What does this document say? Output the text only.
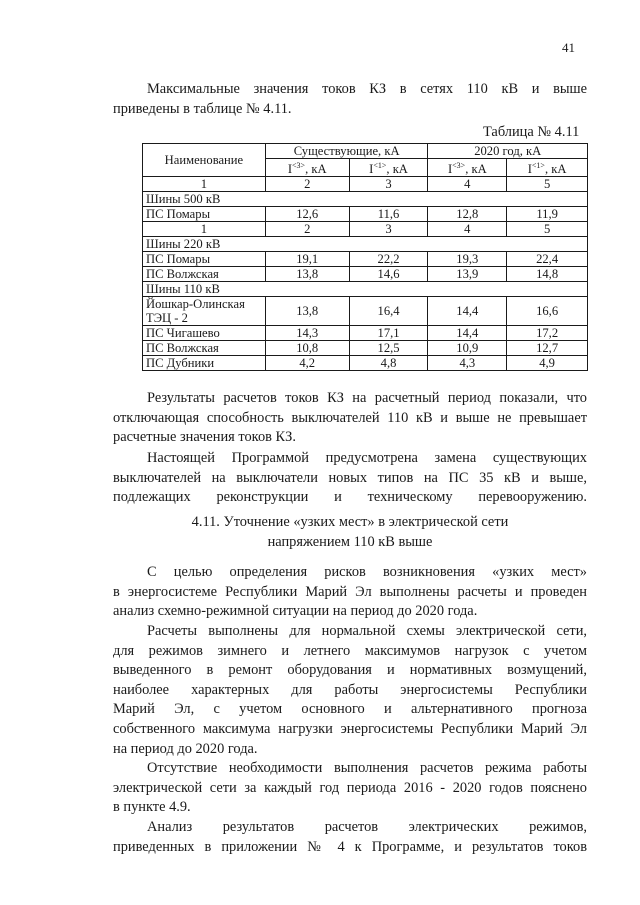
41

Максимальные значения токов КЗ в сетях 110 кВ и выше
приведены в таблице № 4.11.

Таблица № 4.11
Наименование	Существующие, кА		2020 год, кА	
	$I^{<3>}$, кА	$I^{<1>}$, кА	$I^{<3>}$, кА	$I^{<1>}$, кА
1	2	3	4	5
Шины 500 кВ				
ПС Помары	12,6	11,6	12,8	11,9
1	2	3	4	5
Шины 220 кВ				
ПС Помары	19,1	22,2	19,3	22,4
ПС Волжская	13,8	14,6	13,9	14,8
Шины 110 кВ				
Йошкар-Олинская ТЭЦ - 2	13,8	16,4	14,4	16,6
ПС Чигашево	14,3	17,1	14,4	17,2
ПС Волжская	10,8	12,5	10,9	12,7
ПС Дубники	4,2	4,8	4,3	4,9

Результаты расчетов токов КЗ на расчетный период показали, что
отключающая способность выключателей 110 кВ и выше не превышает
расчетные значения токов КЗ.

Настоящей Программой предусмотрена замена существующих
выключателей на выключатели новых типов на ПС 35 кВ и выше,
подлежащих реконструкции и техническому перевооружению.

4.11. Уточнение «узких мест» в электрической сети
напряжением 110 кВ выше

С целью определения рисков возникновения «узких мест»
в энергосистеме Республики Марий Эл выполнены расчеты и проведен
анализ схемно-режимной ситуации на период до 2020 года.

Расчеты выполнены для нормальной схемы электрической сети,
для режимов зимнего и летнего максимумов нагрузок с учетом
выведенного в ремонт оборудования и нормативных возмущений,
наиболее характерных для работы энергосистемы Республики
Марий Эл, с учетом основного и альтернативного прогноза
собственного максимума нагрузки энергосистемы Республики Марий Эл
на период до 2020 года.

Отсутствие необходимости выполнения расчетов режима работы
электрической сети за каждый год периода 2016 - 2020 годов пояснено
в пункте 4.9.

Анализ результатов расчетов электрических режимов,
приведенных в приложении № 4 к Программе, и результатов токов
